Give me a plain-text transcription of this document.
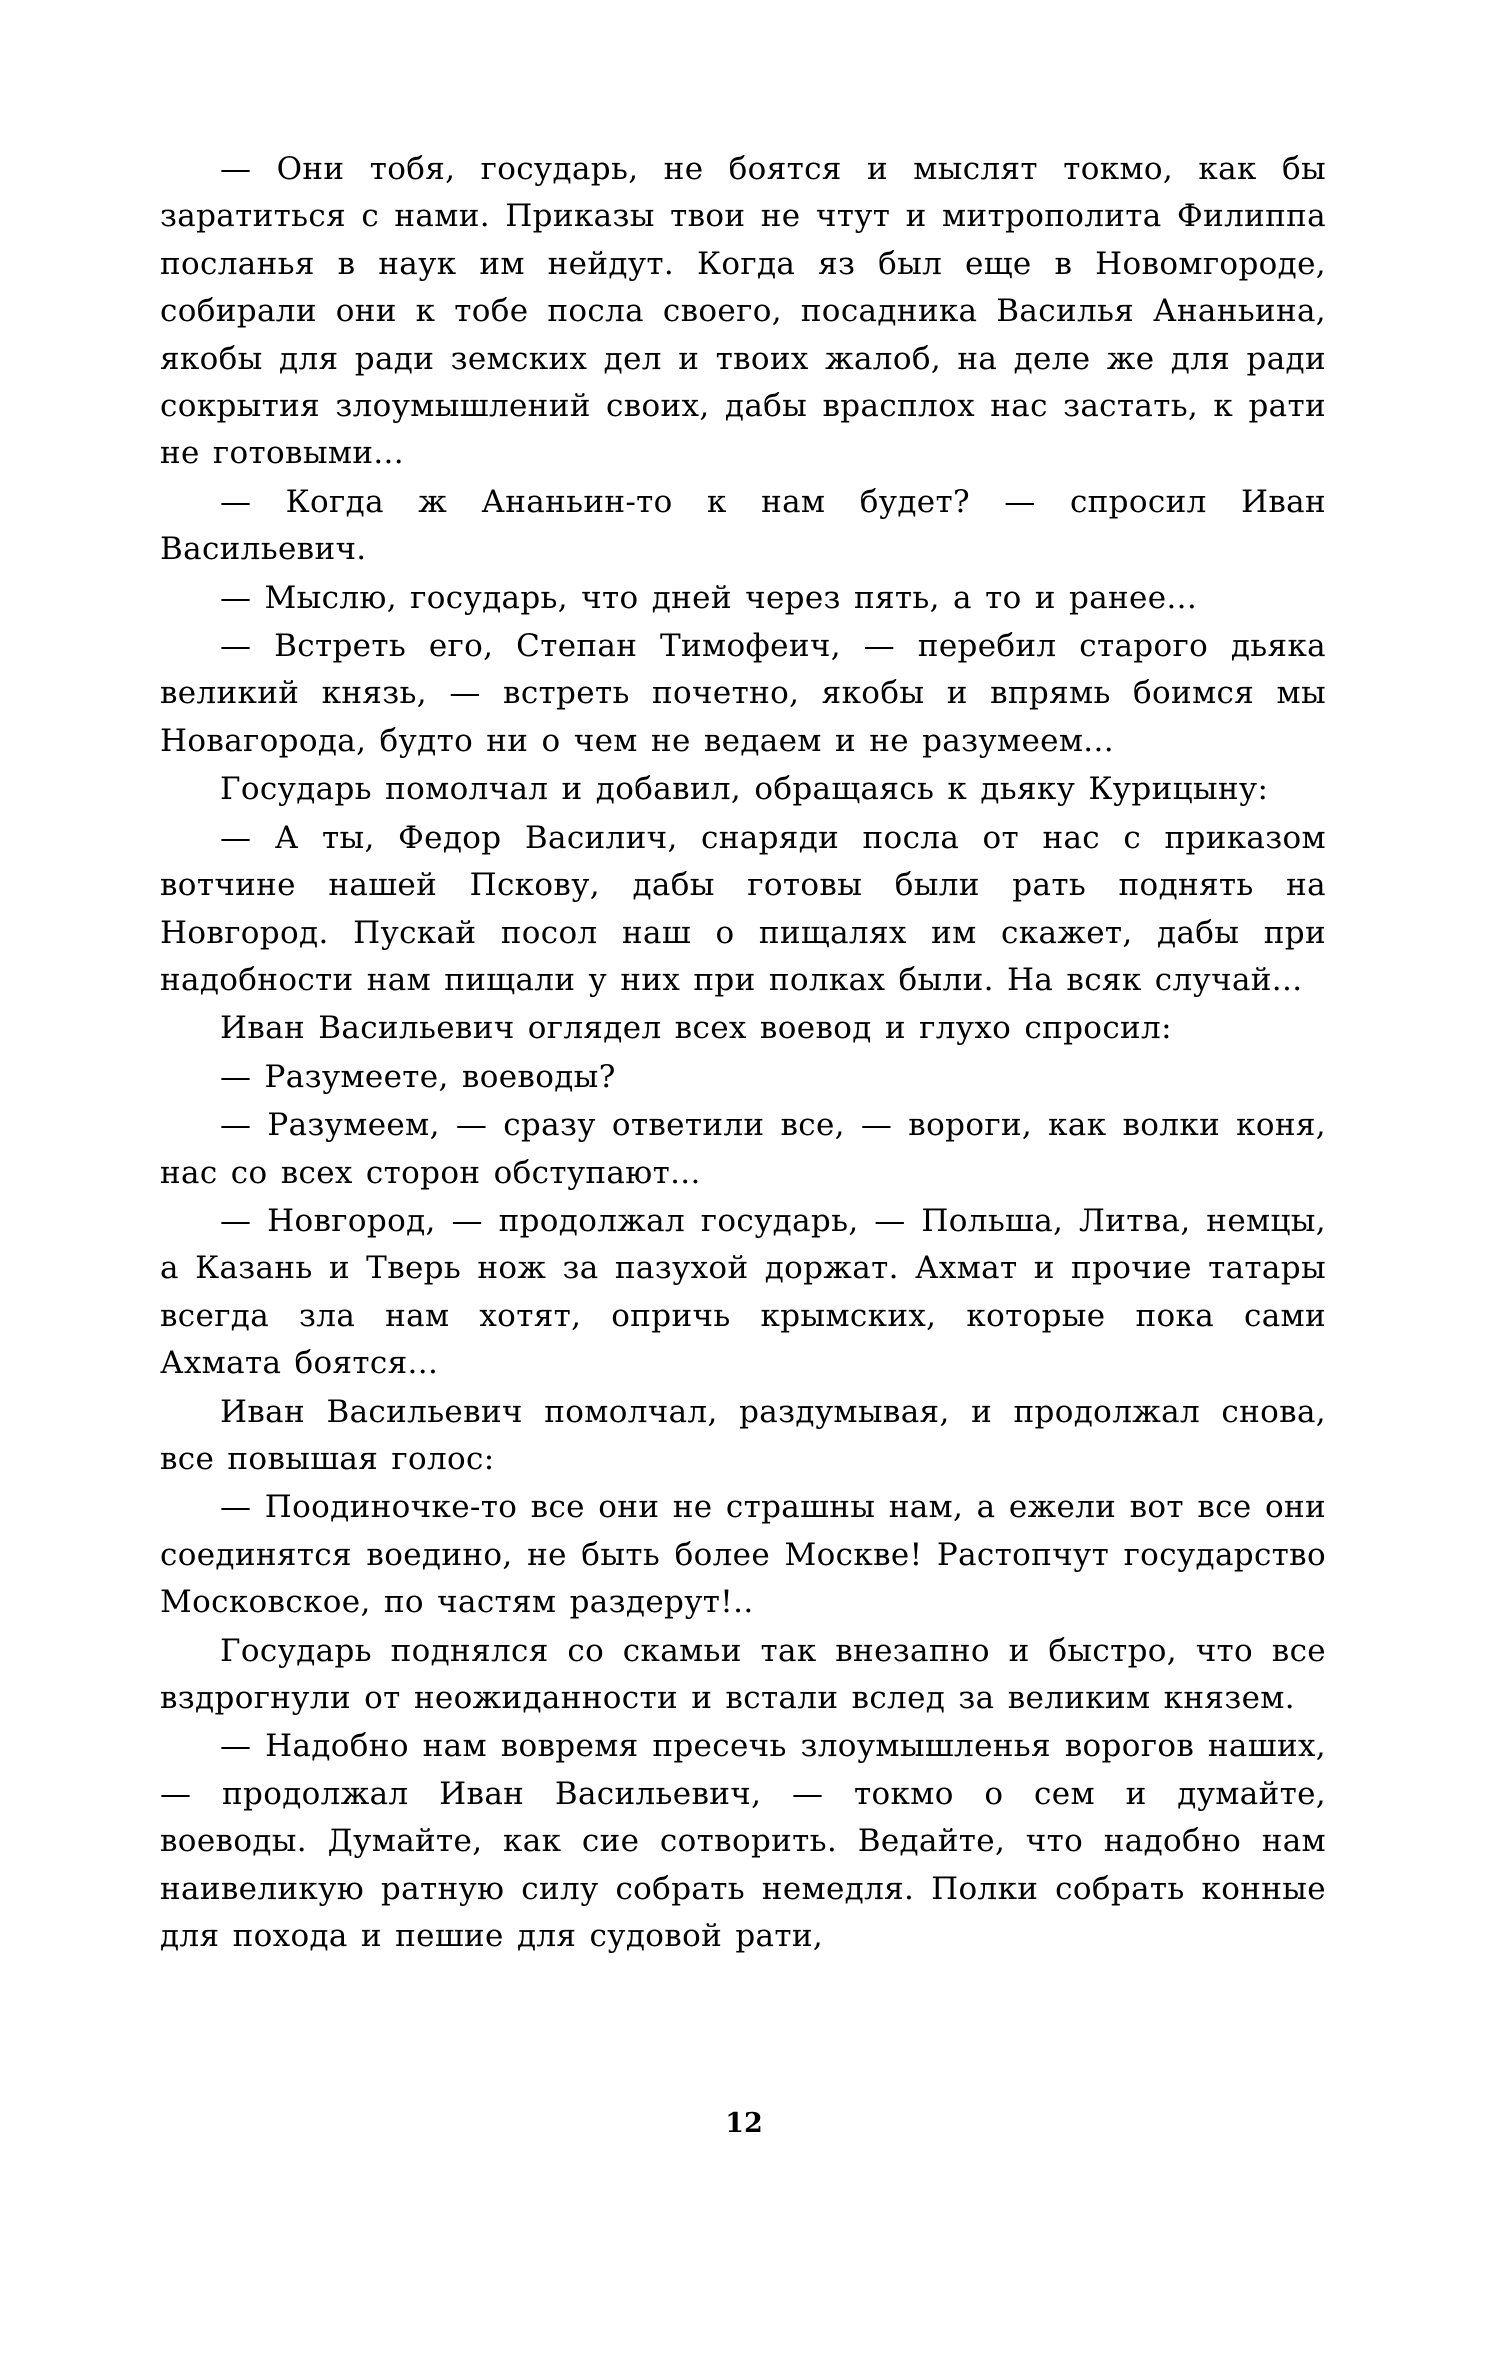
— Они тобя, государь, не боятся и мыслят токмо, как бы заратиться с нами. Приказы твои не чтут и митрополита Филиппа посланья в наук им нейдут. Когда яз был еще в Новомгороде, собирали они к тобе посла своего, посадника Василья Ананьина, якобы для ради земских дел и твоих жалоб, на деле же для ради сокрытия злоумышлений своих, дабы врасплох нас застать, к рати не готовыми...

— Когда ж Ананьин-то к нам будет? — спросил Иван Васильевич.

— Мыслю, государь, что дней через пять, а то и ранее...

— Встреть его, Степан Тимофеич, — перебил старого дьяка великий князь, — встреть почетно, якобы и впрямь боимся мы Новагорода, будто ни о чем не ведаем и не разумеем...

Государь помолчал и добавил, обращаясь к дьяку Курицыну:

— А ты, Федор Василич, снаряди посла от нас с приказом вотчине нашей Пскову, дабы готовы были рать поднять на Новгород. Пускай посол наш о пищалях им скажет, дабы при надобности нам пищали у них при полках были. На всяк случай...

Иван Васильевич оглядел всех воевод и глухо спросил:

— Разумеете, воеводы?

— Разумеем, — сразу ответили все, — вороги, как волки коня, нас со всех сторон обступают...

— Новгород, — продолжал государь, — Польша, Литва, немцы, а Казань и Тверь нож за пазухой доржат. Ахмат и прочие татары всегда зла нам хотят, опричь крымских, которые пока сами Ахмата боятся...

Иван Васильевич помолчал, раздумывая, и продолжал снова, все повышая голос:

— Поодиночке-то все они не страшны нам, а ежели вот все они соединятся воедино, не быть более Москве! Растопчут государство Московское, по частям раздерут!..

Государь поднялся со скамьи так внезапно и быстро, что все вздрогнули от неожиданности и встали вслед за великим князем.

— Надобно нам вовремя пресечь злоумышленья ворогов наших, — продолжал Иван Васильевич, — токмо о сем и думайте, воеводы. Думайте, как сие сотворить. Ведайте, что надобно нам наивеликую ратную силу собрать немедля. Полки собрать конные для похода и пешие для судовой рати,

12
